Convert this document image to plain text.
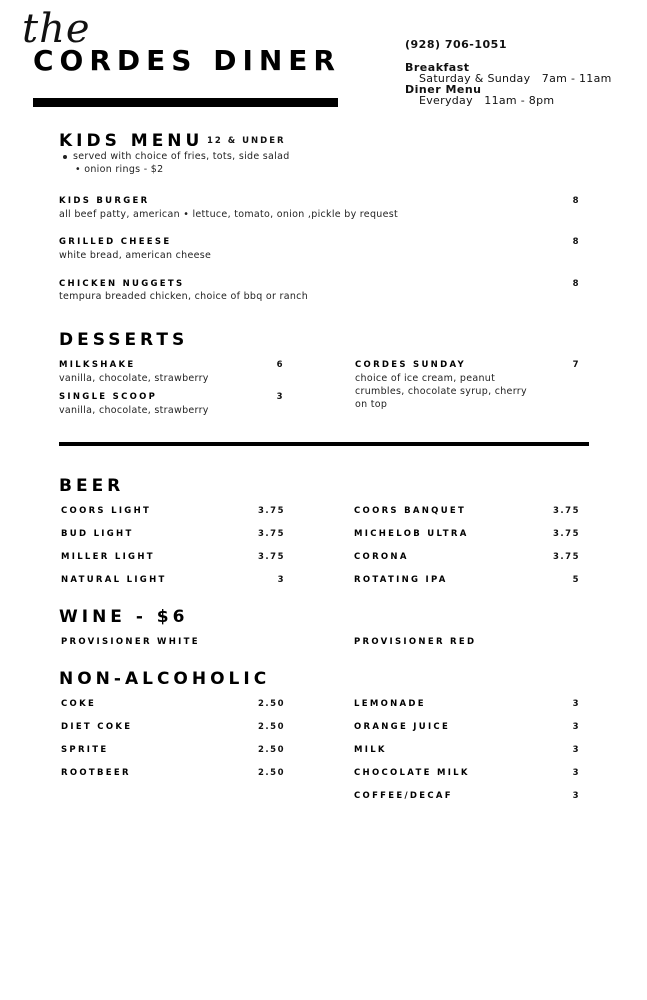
the
CORDES DINER	(928) 706-1051
Breakfast
Saturday & Sunday   7am - 11am
Diner Menu
Everyday   11am - 8pm
KIDS MENU 12 & UNDER
served with choice of fries, tots, side salad
• onion rings - $2
KIDS BURGER
all beef patty, american • lettuce, tomato, onion ,pickle by request
8
GRILLED CHEESE
white bread, american cheese
8
CHICKEN NUGGETS
tempura breaded chicken, choice of bbq or ranch
8
DESSERTS
MILKSHAKE
vanilla, chocolate, strawberry
6
SINGLE SCOOP
vanilla, chocolate, strawberry
3
CORDES SUNDAY
choice of ice cream, peanut
crumbles, chocolate syrup, cherry
on top
7
BEER
COORS LIGHT	3.75
BUD LIGHT	3.75
MILLER LIGHT	3.75
NATURAL LIGHT	3
COORS BANQUET	3.75
MICHELOB ULTRA	3.75
CORONA	3.75
ROTATING IPA	5
WINE - $6
PROVISIONER WHITE	PROVISIONER RED
NON-ALCOHOLIC
COKE	2.50
DIET COKE	2.50
SPRITE	2.50
ROOTBEER	2.50
LEMONADE	3
ORANGE JUICE	3
MILK	3
CHOCOLATE MILK	3
COFFEE/DECAF	3
